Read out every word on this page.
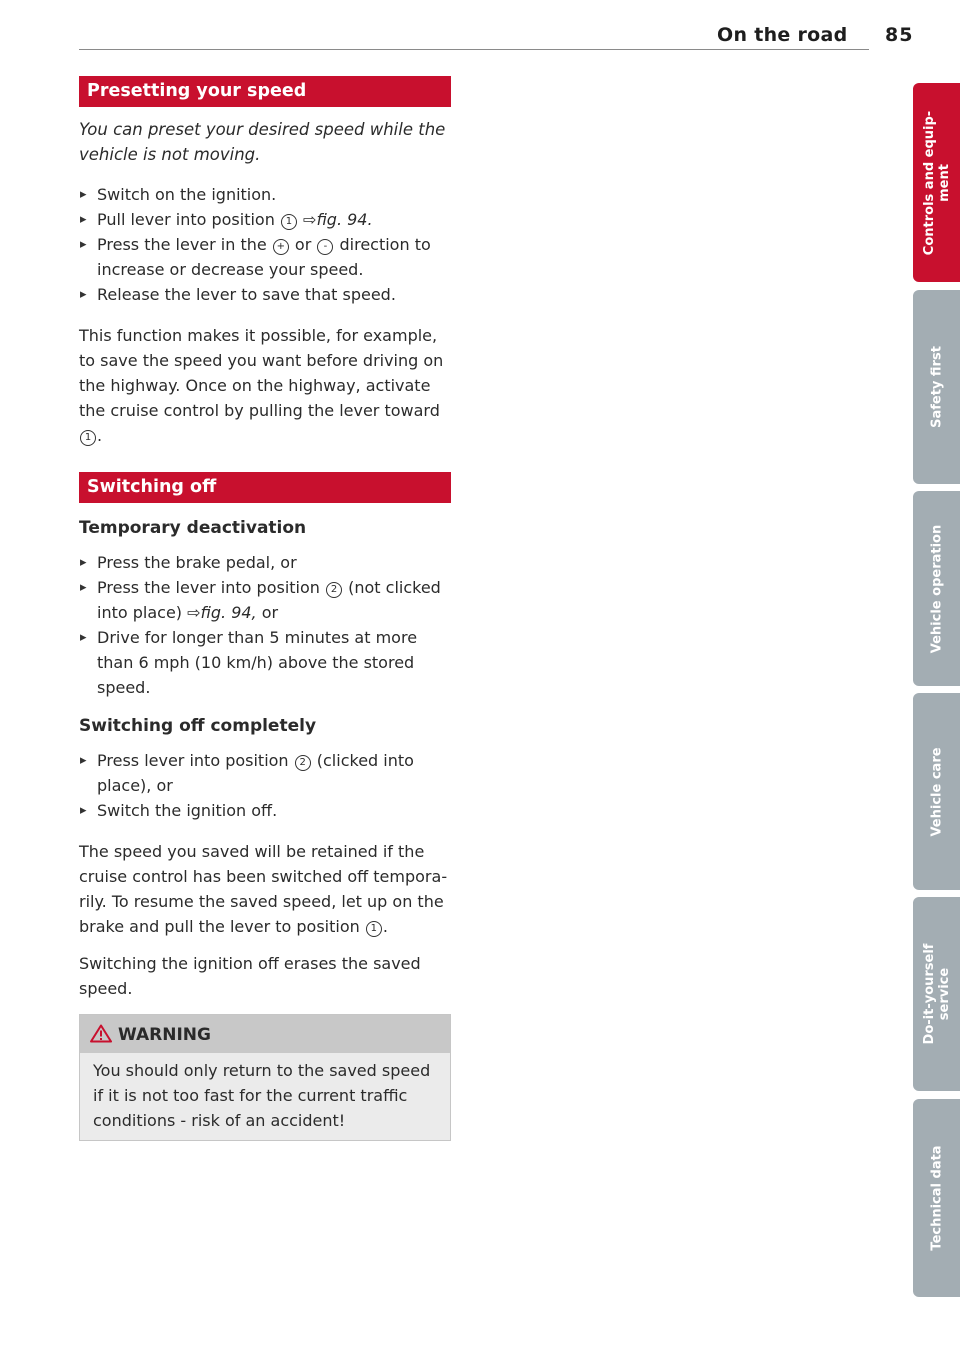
On the road 85
Presetting your speed

You can preset your desired speed while the vehicle is not moving.

▸ Switch on the ignition.
▸ Pull lever into position 1 ⇨fig. 94.
▸ Press the lever in the + or - direction to increase or decrease your speed.
▸ Release the lever to save that speed.

This function makes it possible, for example, to save the speed you want before driving on the highway. Once on the highway, activate the cruise control by pulling the lever toward 1 .

Switching off

Temporary deactivation

▸ Press the brake pedal, or
▸ Press the lever into position 2 (not clicked into place) ⇨fig. 94, or
▸ Drive for longer than 5 minutes at more than 6 mph (10 km/h) above the stored speed.

Switching off completely

▸ Press lever into position 2 (clicked into place), or
▸ Switch the ignition off.

The speed you saved will be retained if the cruise control has been switched off temporarily. To resume the saved speed, let up on the brake and pull the lever to position 1 .

Switching the ignition off erases the saved speed.

WARNING
You should only return to the saved speed if it is not too fast for the current traffic conditions - risk of an accident!
Controls and equip-
ment
Safety first
Vehicle operation
Vehicle care
Do-it-yourself
service
Technical data
